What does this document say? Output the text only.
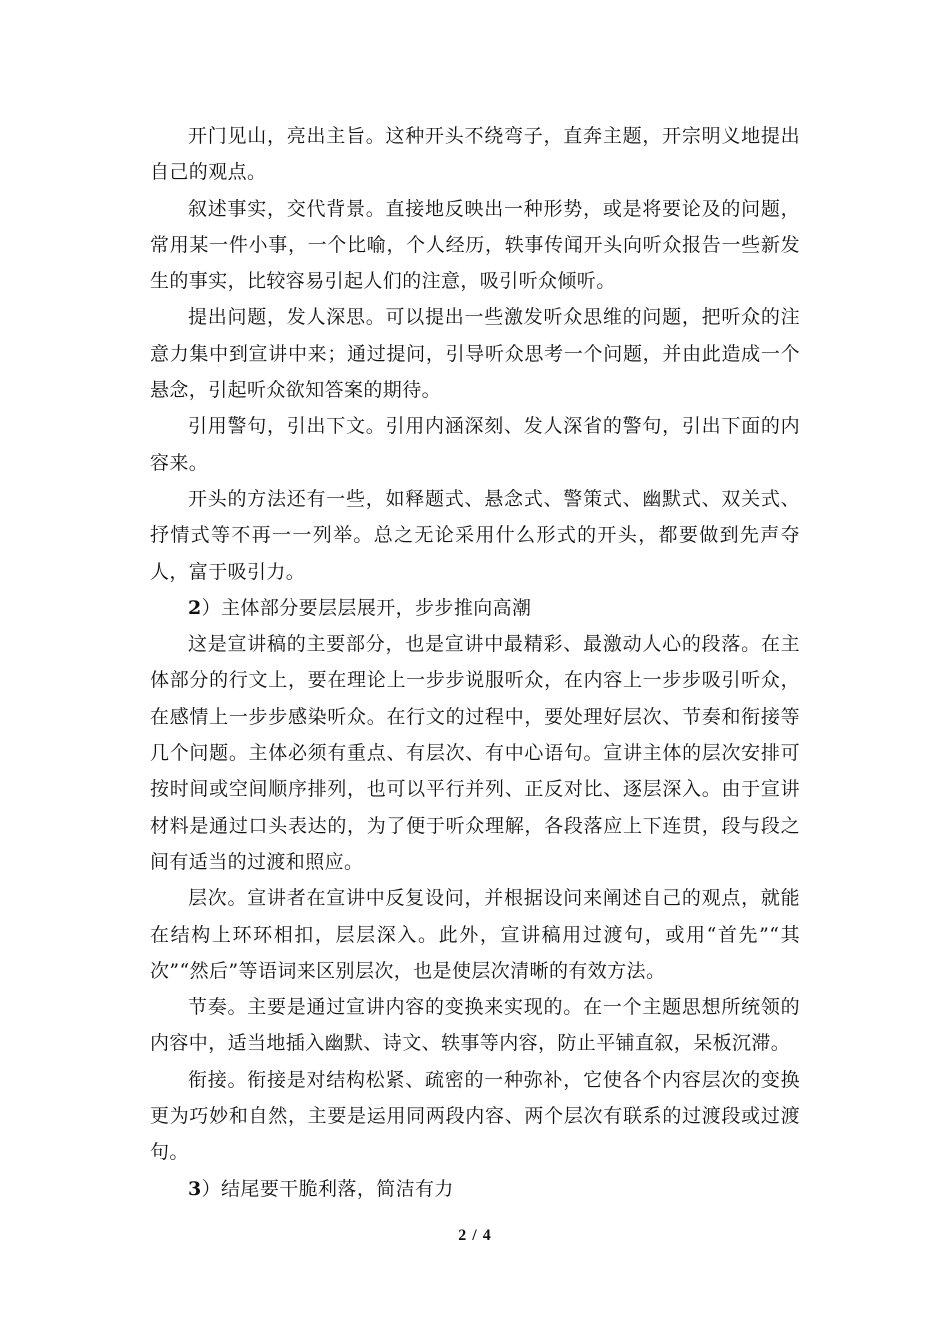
开门见山，亮出主旨。这种开头不绕弯子，直奔主题，开宗明义地提出自己的观点。

叙述事实，交代背景。直接地反映出一种形势，或是将要论及的问题，常用某一件小事，一个比喻，个人经历，轶事传闻开头向听众报告一些新发生的事实，比较容易引起人们的注意，吸引听众倾听。

提出问题，发人深思。可以提出一些激发听众思维的问题，把听众的注意力集中到宣讲中来；通过提问，引导听众思考一个问题，并由此造成一个悬念，引起听众欲知答案的期待。

引用警句，引出下文。引用内涵深刻、发人深省的警句，引出下面的内容来。

开头的方法还有一些，如释题式、悬念式、警策式、幽默式、双关式、抒情式等不再一一列举。总之无论采用什么形式的开头，都要做到先声夺人，富于吸引力。

2）主体部分要层层展开，步步推向高潮

这是宣讲稿的主要部分，也是宣讲中最精彩、最激动人心的段落。在主体部分的行文上，要在理论上一步步说服听众，在内容上一步步吸引听众，在感情上一步步感染听众。在行文的过程中，要处理好层次、节奏和衔接等几个问题。主体必须有重点、有层次、有中心语句。宣讲主体的层次安排可按时间或空间顺序排列，也可以平行并列、正反对比、逐层深入。由于宣讲材料是通过口头表达的，为了便于听众理解，各段落应上下连贯，段与段之间有适当的过渡和照应。

层次。宣讲者在宣讲中反复设问，并根据设问来阐述自己的观点，就能在结构上环环相扣，层层深入。此外，宣讲稿用过渡句，或用“首先”“其次”“然后”等语词来区别层次，也是使层次清晰的有效方法。

节奏。主要是通过宣讲内容的变换来实现的。在一个主题思想所统领的内容中，适当地插入幽默、诗文、轶事等内容，防止平铺直叙，呆板沉滞。

衔接。衔接是对结构松紧、疏密的一种弥补，它使各个内容层次的变换更为巧妙和自然，主要是运用同两段内容、两个层次有联系的过渡段或过渡句。

3）结尾要干脆利落，简洁有力

2 / 4
